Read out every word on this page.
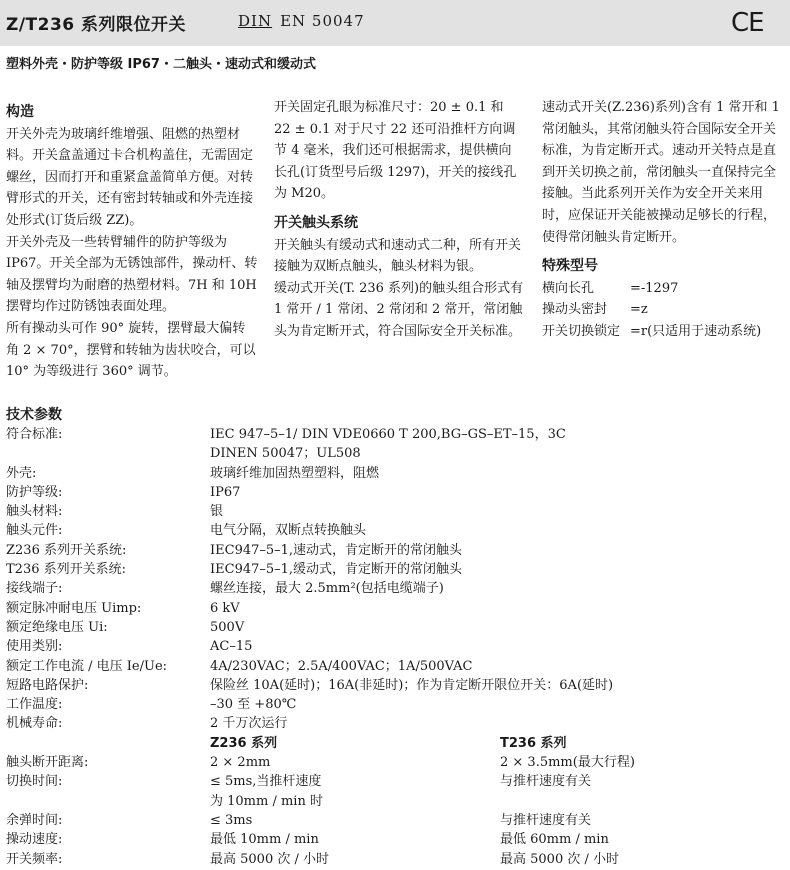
Z/T236 系列限位开关	DIN EN 50047	CE
塑料外壳・防护等级 IP67・二触头・速动式和缓动式

构造

开关外壳为玻璃纤维增强、阻燃的热塑材料。开关盒盖通过卡合机构盖住，无需固定螺丝，因而打开和重紧盒盖简单方便。对转臂形式的开关，还有密封转轴或和外壳连接处形式(订货后级 ZZ)。

开关外壳及一些转臂辅件的防护等级为 IP67。开关全部为无锈蚀部件，操动杆、转轴及摆臂均为耐磨的热塑材料。7H 和 10H 摆臂均作过防锈蚀表面处理。

所有操动头可作 90° 旋转，摆臂最大偏转角 2 × 70°，摆臂和转轴为齿状咬合，可以 10° 为等级进行 360° 调节。

开关固定孔眼为标准尺寸：20 ± 0.1 和 22 ± 0.1 对于尺寸 22 还可沿推杆方向调节 4 毫米，我们还可根据需求，提供横向长孔(订货型号后级 1297)，开关的接线孔为 M20。

开关触头系统

开关触头有缓动式和速动式二种，所有开关接触为双断点触头，触头材料为银。

缓动式开关(T. 236 系列)的触头组合形式有 1 常开 / 1 常闭、2 常闭和 2 常开，常闭触头为肯定断开式，符合国际安全开关标准。

速动式开关(Z.236)系列)含有 1 常开和 1 常闭触头，其常闭触头符合国际安全开关标准，为肯定断开式。速动开关特点是直到开关切换之前，常闭触头一直保持完全接触。当此系列开关作为安全开关来用时，应保证开关能被操动足够长的行程，使得常闭触头肯定断开。

特殊型号

横向长孔	=-1297
操动头密封	=z
开关切换锁定 =r(只适用于速动系统)
技术参数
符合标准:	IEC 947–5–1/ DIN VDE0660 T 200,BG–GS–ET–15，3C
DINEN 50047；UL508
外壳:	玻璃纤维加固热塑塑料，阻燃
防护等级:	IP67
触头材料:	银
触头元件:	电气分隔，双断点转换触头
Z236 系列开关系统:	IEC947–5–1,速动式，肯定断开的常闭触头
T236 系列开关系统:	IEC947–5–1,缓动式，肯定断开的常闭触头
接线端子:	螺丝连接，最大 2.5mm²(包括电缆端子)
额定脉冲耐电压 Uimp:	6 kV
额定绝缘电压 Ui:	500V
使用类别:	AC–15
额定工作电流 / 电压 Ie/Ue:	4A/230VAC；2.5A/400VAC；1A/500VAC
短路电路保护:	保险丝 10A(延时)；16A(非延时)；作为肯定断开限位开关：6A(延时)
工作温度:	–30 至 +80℃
机械寿命:	2 千万次运行
Z236 系列	T236 系列
触头断开距离:	2 × 2mm	2 × 3.5mm(最大行程)
切换时间:	≤ 5ms,当推杆速度	与推杆速度有关
为 10mm / min 时
余弹时间:	≤ 3ms	与推杆速度有关
操动速度:	最低 10mm / min	最低 60mm / min
开关频率:	最高 5000 次 / 小时	最高 5000 次 / 小时
